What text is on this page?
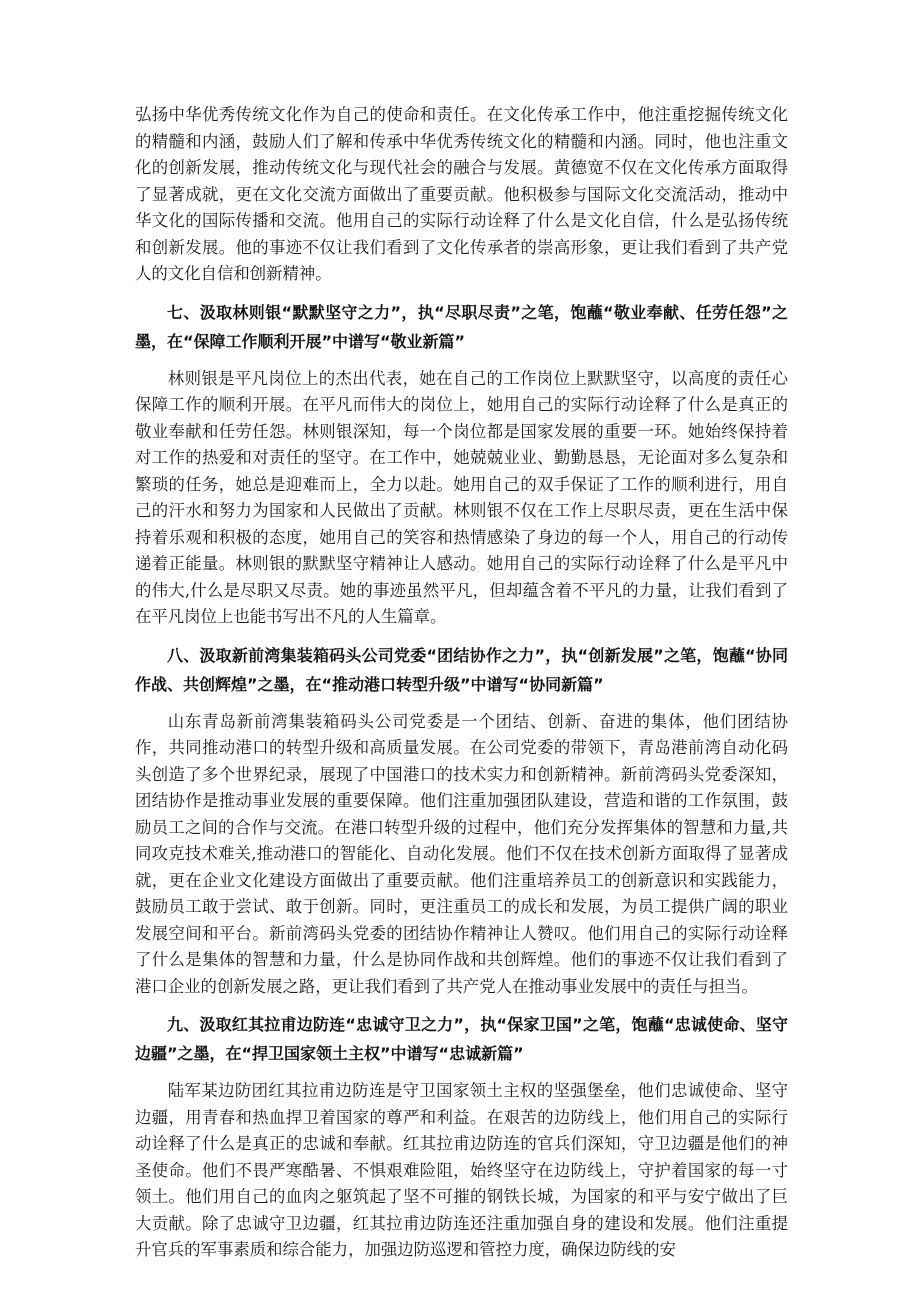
弘扬中华优秀传统文化作为自己的使命和责任。在文化传承工作中，他注重挖掘传统文化的精髓和内涵，鼓励人们了解和传承中华优秀传统文化的精髓和内涵。同时，他也注重文化的创新发展，推动传统文化与现代社会的融合与发展。黄德宽不仅在文化传承方面取得了显著成就，更在文化交流方面做出了重要贡献。他积极参与国际文化交流活动，推动中华文化的国际传播和交流。他用自己的实际行动诠释了什么是文化自信，什么是弘扬传统和创新发展。他的事迹不仅让我们看到了文化传承者的崇高形象，更让我们看到了共产党人的文化自信和创新精神。

七、汲取林则银“默默坚守之力”，执“尽职尽责”之笔，饱蘸“敬业奉献、任劳任怨”之墨，在“保障工作顺利开展”中谱写“敬业新篇”

林则银是平凡岗位上的杰出代表，她在自己的工作岗位上默默坚守，以高度的责任心保障工作的顺利开展。在平凡而伟大的岗位上，她用自己的实际行动诠释了什么是真正的敬业奉献和任劳任怨。林则银深知，每一个岗位都是国家发展的重要一环。她始终保持着对工作的热爱和对责任的坚守。在工作中，她兢兢业业、勤勤恳恳，无论面对多么复杂和繁琐的任务，她总是迎难而上，全力以赴。她用自己的双手保证了工作的顺利进行，用自己的汗水和努力为国家和人民做出了贡献。林则银不仅在工作上尽职尽责，更在生活中保持着乐观和积极的态度，她用自己的笑容和热情感染了身边的每一个人，用自己的行动传递着正能量。林则银的默默坚守精神让人感动。她用自己的实际行动诠释了什么是平凡中的伟大,什么是尽职又尽责。她的事迹虽然平凡，但却蕴含着不平凡的力量，让我们看到了在平凡岗位上也能书写出不凡的人生篇章。

八、汲取新前湾集装箱码头公司党委“团结协作之力”，执“创新发展”之笔，饱蘸“协同作战、共创辉煌”之墨，在“推动港口转型升级”中谱写“协同新篇”

山东青岛新前湾集装箱码头公司党委是一个团结、创新、奋进的集体，他们团结协作，共同推动港口的转型升级和高质量发展。在公司党委的带领下，青岛港前湾自动化码头创造了多个世界纪录，展现了中国港口的技术实力和创新精神。新前湾码头党委深知，团结协作是推动事业发展的重要保障。他们注重加强团队建设，营造和谐的工作氛围，鼓励员工之间的合作与交流。在港口转型升级的过程中，他们充分发挥集体的智慧和力量,共同攻克技术难关,推动港口的智能化、自动化发展。他们不仅在技术创新方面取得了显著成就，更在企业文化建设方面做出了重要贡献。他们注重培养员工的创新意识和实践能力，鼓励员工敢于尝试、敢于创新。同时，更注重员工的成长和发展，为员工提供广阔的职业发展空间和平台。新前湾码头党委的团结协作精神让人赞叹。他们用自己的实际行动诠释了什么是集体的智慧和力量，什么是协同作战和共创辉煌。他们的事迹不仅让我们看到了港口企业的创新发展之路，更让我们看到了共产党人在推动事业发展中的责任与担当。

九、汲取红其拉甫边防连“忠诚守卫之力”，执“保家卫国”之笔，饱蘸“忠诚使命、坚守边疆”之墨，在“捍卫国家领土主权”中谱写“忠诚新篇”

陆军某边防团红其拉甫边防连是守卫国家领土主权的坚强堡垒，他们忠诚使命、坚守边疆，用青春和热血捍卫着国家的尊严和利益。在艰苦的边防线上，他们用自己的实际行动诠释了什么是真正的忠诚和奉献。红其拉甫边防连的官兵们深知，守卫边疆是他们的神圣使命。他们不畏严寒酷暑、不惧艰难险阻，始终坚守在边防线上，守护着国家的每一寸领土。他们用自己的血肉之躯筑起了坚不可摧的钢铁长城，为国家的和平与安宁做出了巨大贡献。除了忠诚守卫边疆，红其拉甫边防连还注重加强自身的建设和发展。他们注重提升官兵的军事素质和综合能力，加强边防巡逻和管控力度，确保边防线的安
